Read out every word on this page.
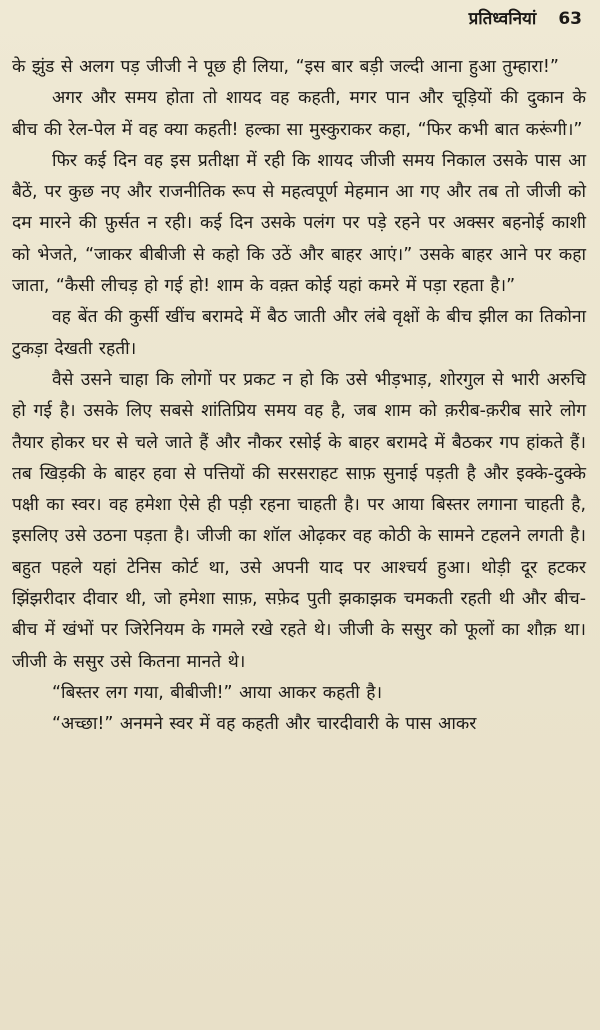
प्रतिध्वनियां 63

के झुंड से अलग पड़ जीजी ने पूछ ही लिया, “इस बार बड़ी जल्दी आना हुआ तुम्हारा!”

अगर और समय होता तो शायद वह कहती, मगर पान और चूड़ियों की दुकान के बीच की रेल-पेल में वह क्या कहती! हल्का सा मुस्कुराकर कहा, “फिर कभी बात करूंगी।”

फिर कई दिन वह इस प्रतीक्षा में रही कि शायद जीजी समय निकाल उसके पास आ बैठें, पर कुछ नए और राजनीतिक रूप से महत्वपूर्ण मेहमान आ गए और तब तो जीजी को दम मारने की फ़ुर्सत न रही। कई दिन उसके पलंग पर पड़े रहने पर अक्सर बहनोई काशी को भेजते, “जाकर बीबीजी से कहो कि उठें और बाहर आएं।” उसके बाहर आने पर कहा जाता, “कैसी लीचड़ हो गई हो! शाम के वक़्त कोई यहां कमरे में पड़ा रहता है।”

वह बेंत की कुर्सी खींच बरामदे में बैठ जाती और लंबे वृक्षों के बीच झील का तिकोना टुकड़ा देखती रहती।

वैसे उसने चाहा कि लोगों पर प्रकट न हो कि उसे भीड़भाड़, शोरगुल से भारी अरुचि हो गई है। उसके लिए सबसे शांतिप्रिय समय वह है, जब शाम को क़रीब-क़रीब सारे लोग तैयार होकर घर से चले जाते हैं और नौकर रसोई के बाहर बरामदे में बैठकर गप हांकते हैं। तब खिड़की के बाहर हवा से पत्तियों की सरसराहट साफ़ सुनाई पड़ती है और इक्के-दुक्के पक्षी का स्वर। वह हमेशा ऐसे ही पड़ी रहना चाहती है। पर आया बिस्तर लगाना चाहती है, इसलिए उसे उठना पड़ता है। जीजी का शॉल ओढ़कर वह कोठी के सामने टहलने लगती है। बहुत पहले यहां टेनिस कोर्ट था, उसे अपनी याद पर आश्चर्य हुआ। थोड़ी दूर हटकर झिंझरीदार दीवार थी, जो हमेशा साफ़, सफ़ेद पुती झकाझक चमकती रहती थी और बीच-बीच में खंभों पर जिरेनियम के गमले रखे रहते थे। जीजी के ससुर को फूलों का शौक़ था। जीजी के ससुर उसे कितना मानते थे।

“बिस्तर लग गया, बीबीजी!” आया आकर कहती है।

“अच्छा!” अनमने स्वर में वह कहती और चारदीवारी के पास आकर
